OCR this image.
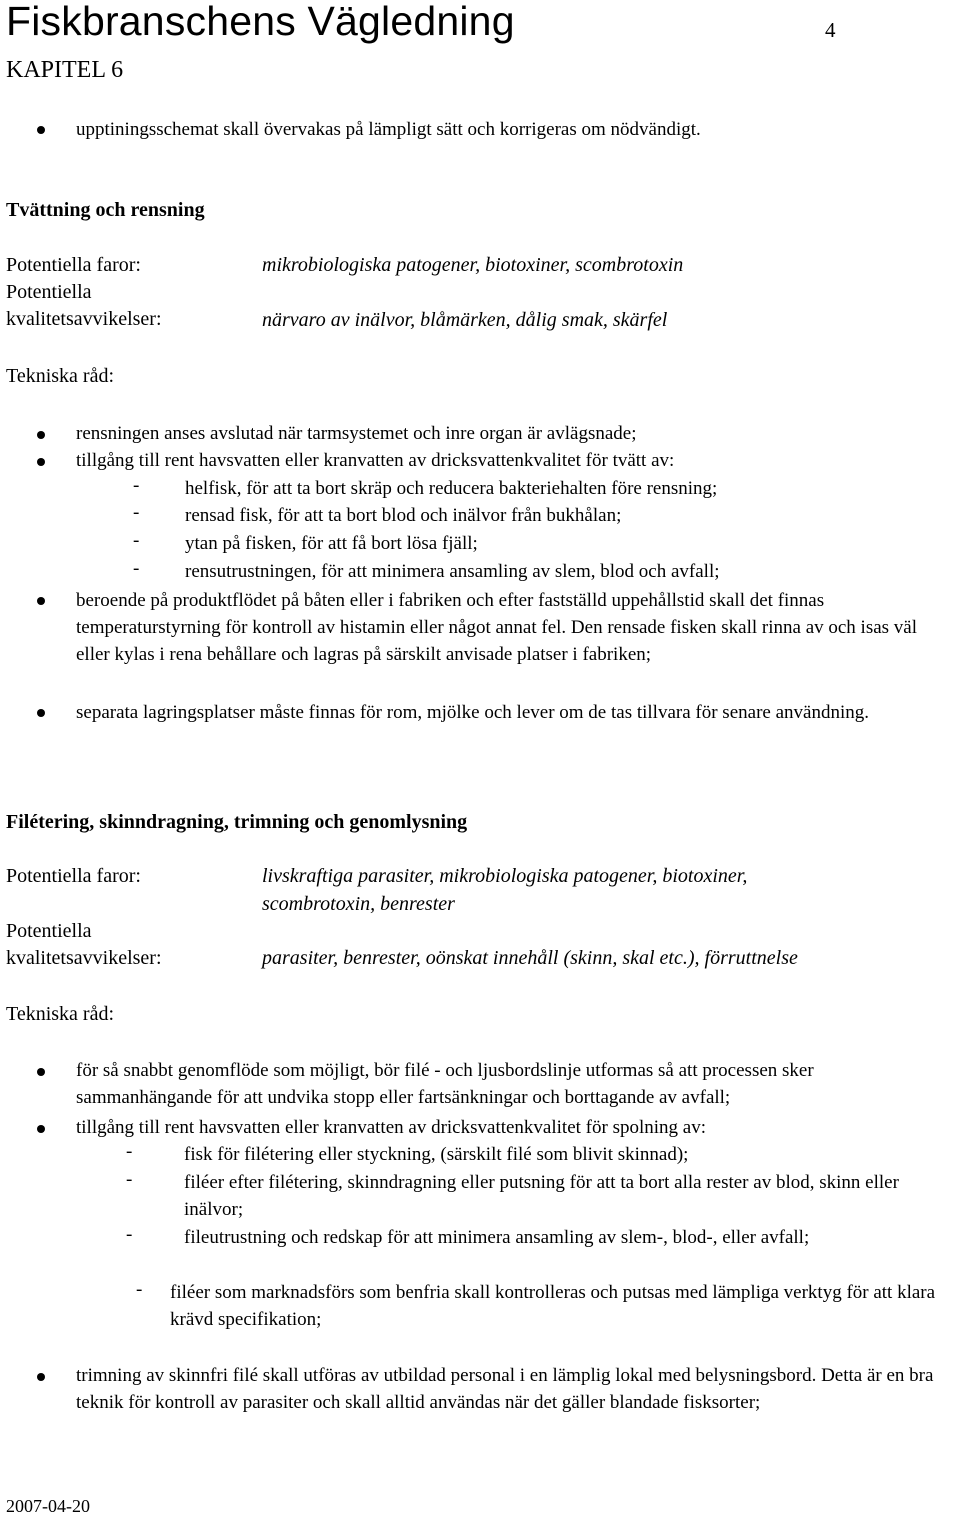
Fiskbranschens Vägledning	4
KAPITEL 6
upptiningsschemat skall övervakas på lämpligt sätt och korrigeras om nödvändigt.
Tvättning och rensning
Potentiella faror:	mikrobiologiska patogener, biotoxiner, scombrotoxin
Potentiella
kvalitetsavvikelser:	närvaro av inälvor, blåmärken, dålig smak, skärfel
Tekniska råd:
rensningen anses avslutad när tarmsystemet och inre organ är avlägsnade;
tillgång till rent havsvatten eller kranvatten av dricksvattenkvalitet för tvätt av:
- helfisk, för att ta bort skräp och reducera bakteriehalten före rensning;
- rensad fisk, för att ta bort blod och inälvor från bukhålan;
- ytan på fisken, för att få bort lösa fjäll;
- rensutrustningen, för att minimera ansamling av slem, blod och avfall;
beroende på produktflödet på båten eller i fabriken och efter fastställd uppehållstid skall det finnas temperaturstyrning för kontroll av histamin eller något annat fel. Den rensade fisken skall rinna av och isas väl eller kylas i rena behållare och lagras på särskilt anvisade platser i fabriken;
separata lagringsplatser måste finnas för rom, mjölke och lever om de tas tillvara för senare användning.
Filétering, skinndragning, trimning och genomlysning
Potentiella faror:	livskraftiga parasiter, mikrobiologiska patogener, biotoxiner,
scombrotoxin, benrester
Potentiella
kvalitetsavvikelser:	parasiter, benrester, oönskat innehåll (skinn, skal etc.), förruttnelse
Tekniska råd:
för så snabbt genomflöde som möjligt, bör filé - och ljusbordslinje utformas så att processen sker sammanhängande för att undvika stopp eller fartsänkningar och borttagande av avfall;
tillgång till rent havsvatten eller kranvatten av dricksvattenkvalitet för spolning av:
-	fisk för filétering eller styckning, (särskilt filé som blivit skinnad);
-	filéer efter filétering, skinndragning eller putsning för att ta bort alla rester av blod, skinn eller inälvor;
-	fileutrustning och redskap för att minimera ansamling av slem-, blod-, eller avfall;
- filéer som marknadsförs som benfria skall kontrolleras och putsas med lämpliga verktyg för att klara krävd specifikation;
trimning av skinnfri filé skall utföras av utbildad personal i en lämplig lokal med belysningsbord. Detta är en bra teknik för kontroll av parasiter och skall alltid användas när det gäller blandade fisksorter;
2007-04-20
